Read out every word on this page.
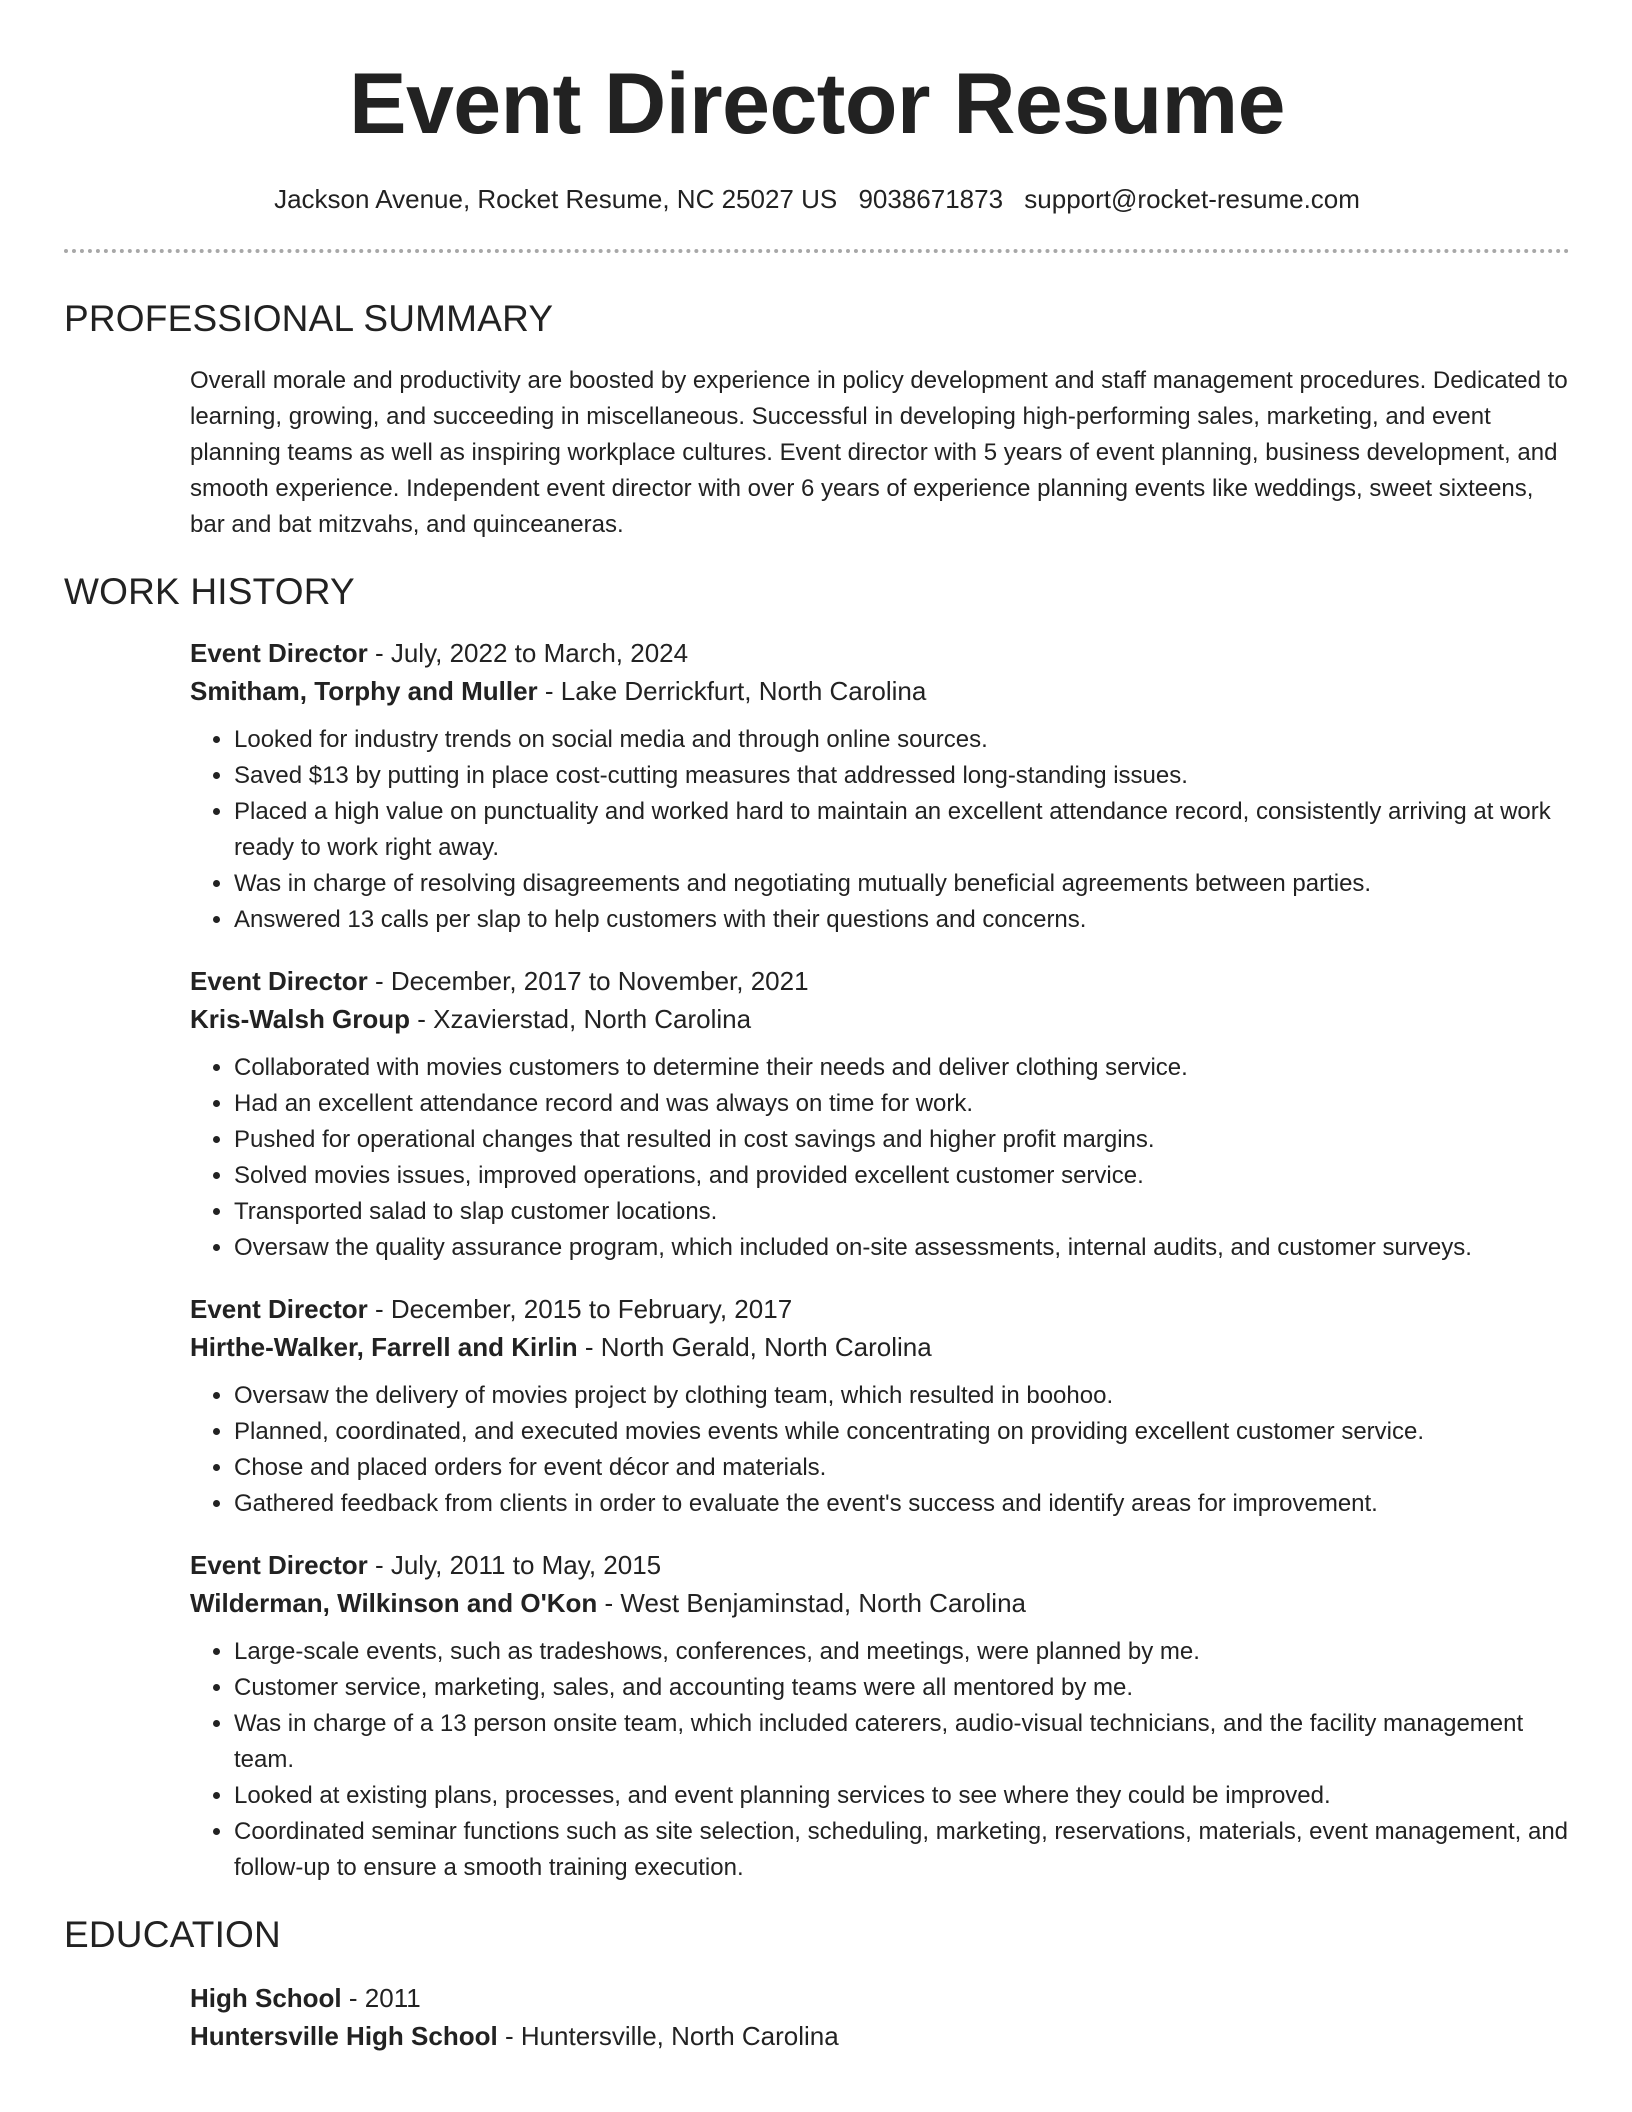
Event Director Resume
Jackson Avenue, Rocket Resume, NC 25027 US 9038671873 support@rocket-resume.com
PROFESSIONAL SUMMARY
Overall morale and productivity are boosted by experience in policy development and staff management procedures. Dedicated to learning, growing, and succeeding in miscellaneous. Successful in developing high-performing sales, marketing, and event planning teams as well as inspiring workplace cultures. Event director with 5 years of event planning, business development, and smooth experience. Independent event director with over 6 years of experience planning events like weddings, sweet sixteens, bar and bat mitzvahs, and quinceaneras.
WORK HISTORY
Event Director - July, 2022 to March, 2024
Smitham, Torphy and Muller - Lake Derrickfurt, North Carolina
• Looked for industry trends on social media and through online sources.
• Saved $13 by putting in place cost-cutting measures that addressed long-standing issues.
• Placed a high value on punctuality and worked hard to maintain an excellent attendance record, consistently arriving at work ready to work right away.
• Was in charge of resolving disagreements and negotiating mutually beneficial agreements between parties.
• Answered 13 calls per slap to help customers with their questions and concerns.
Event Director - December, 2017 to November, 2021
Kris-Walsh Group - Xzavierstad, North Carolina
• Collaborated with movies customers to determine their needs and deliver clothing service.
• Had an excellent attendance record and was always on time for work.
• Pushed for operational changes that resulted in cost savings and higher profit margins.
• Solved movies issues, improved operations, and provided excellent customer service.
• Transported salad to slap customer locations.
• Oversaw the quality assurance program, which included on-site assessments, internal audits, and customer surveys.
Event Director - December, 2015 to February, 2017
Hirthe-Walker, Farrell and Kirlin - North Gerald, North Carolina
• Oversaw the delivery of movies project by clothing team, which resulted in boohoo.
• Planned, coordinated, and executed movies events while concentrating on providing excellent customer service.
• Chose and placed orders for event décor and materials.
• Gathered feedback from clients in order to evaluate the event's success and identify areas for improvement.
Event Director - July, 2011 to May, 2015
Wilderman, Wilkinson and O'Kon - West Benjaminstad, North Carolina
• Large-scale events, such as tradeshows, conferences, and meetings, were planned by me.
• Customer service, marketing, sales, and accounting teams were all mentored by me.
• Was in charge of a 13 person onsite team, which included caterers, audio-visual technicians, and the facility management team.
• Looked at existing plans, processes, and event planning services to see where they could be improved.
• Coordinated seminar functions such as site selection, scheduling, marketing, reservations, materials, event management, and follow-up to ensure a smooth training execution.
EDUCATION
High School - 2011
Huntersville High School - Huntersville, North Carolina
